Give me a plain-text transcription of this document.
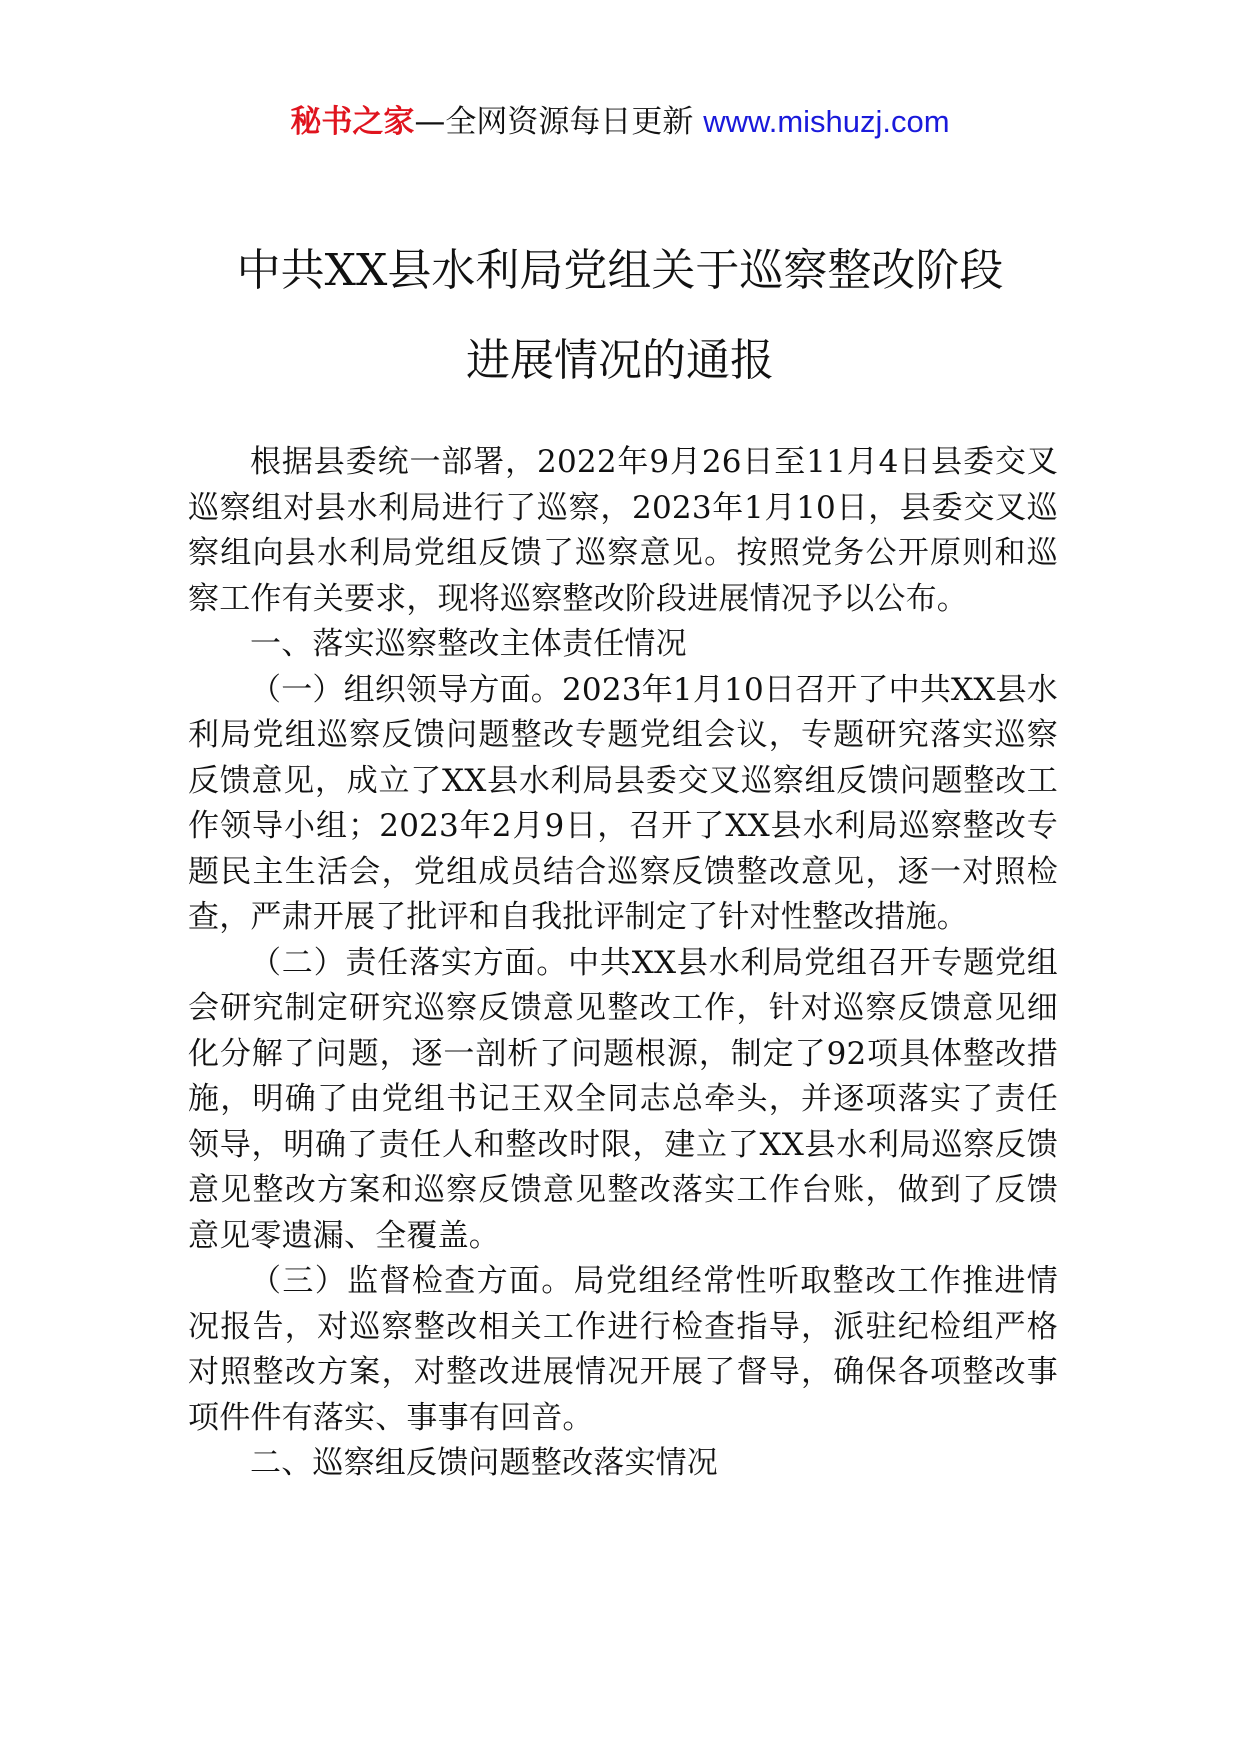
秘书之家—全网资源每日更新 www.mishuzj.com
中共XX县水利局党组关于巡察整改阶段
进展情况的通报

根据县委统一部署，2022年9月26日至11月4日县委交叉巡察组对县水利局进行了巡察，2023年1月10日，县委交叉巡察组向县水利局党组反馈了巡察意见。按照党务公开原则和巡察工作有关要求，现将巡察整改阶段进展情况予以公布。

一、落实巡察整改主体责任情况

（一）组织领导方面。2023年1月10日召开了中共XX县水利局党组巡察反馈问题整改专题党组会议，专题研究落实巡察反馈意见，成立了XX县水利局县委交叉巡察组反馈问题整改工作领导小组；2023年2月9日，召开了XX县水利局巡察整改专题民主生活会，党组成员结合巡察反馈整改意见，逐一对照检查，严肃开展了批评和自我批评制定了针对性整改措施。

（二）责任落实方面。中共XX县水利局党组召开专题党组会研究制定研究巡察反馈意见整改工作，针对巡察反馈意见细化分解了问题，逐一剖析了问题根源，制定了92项具体整改措施，明确了由党组书记王双全同志总牵头，并逐项落实了责任领导，明确了责任人和整改时限，建立了XX县水利局巡察反馈意见整改方案和巡察反馈意见整改落实工作台账，做到了反馈意见零遗漏、全覆盖。

（三）监督检查方面。局党组经常性听取整改工作推进情况报告，对巡察整改相关工作进行检查指导，派驻纪检组严格对照整改方案，对整改进展情况开展了督导，确保各项整改事项件件有落实、事事有回音。

二、巡察组反馈问题整改落实情况
